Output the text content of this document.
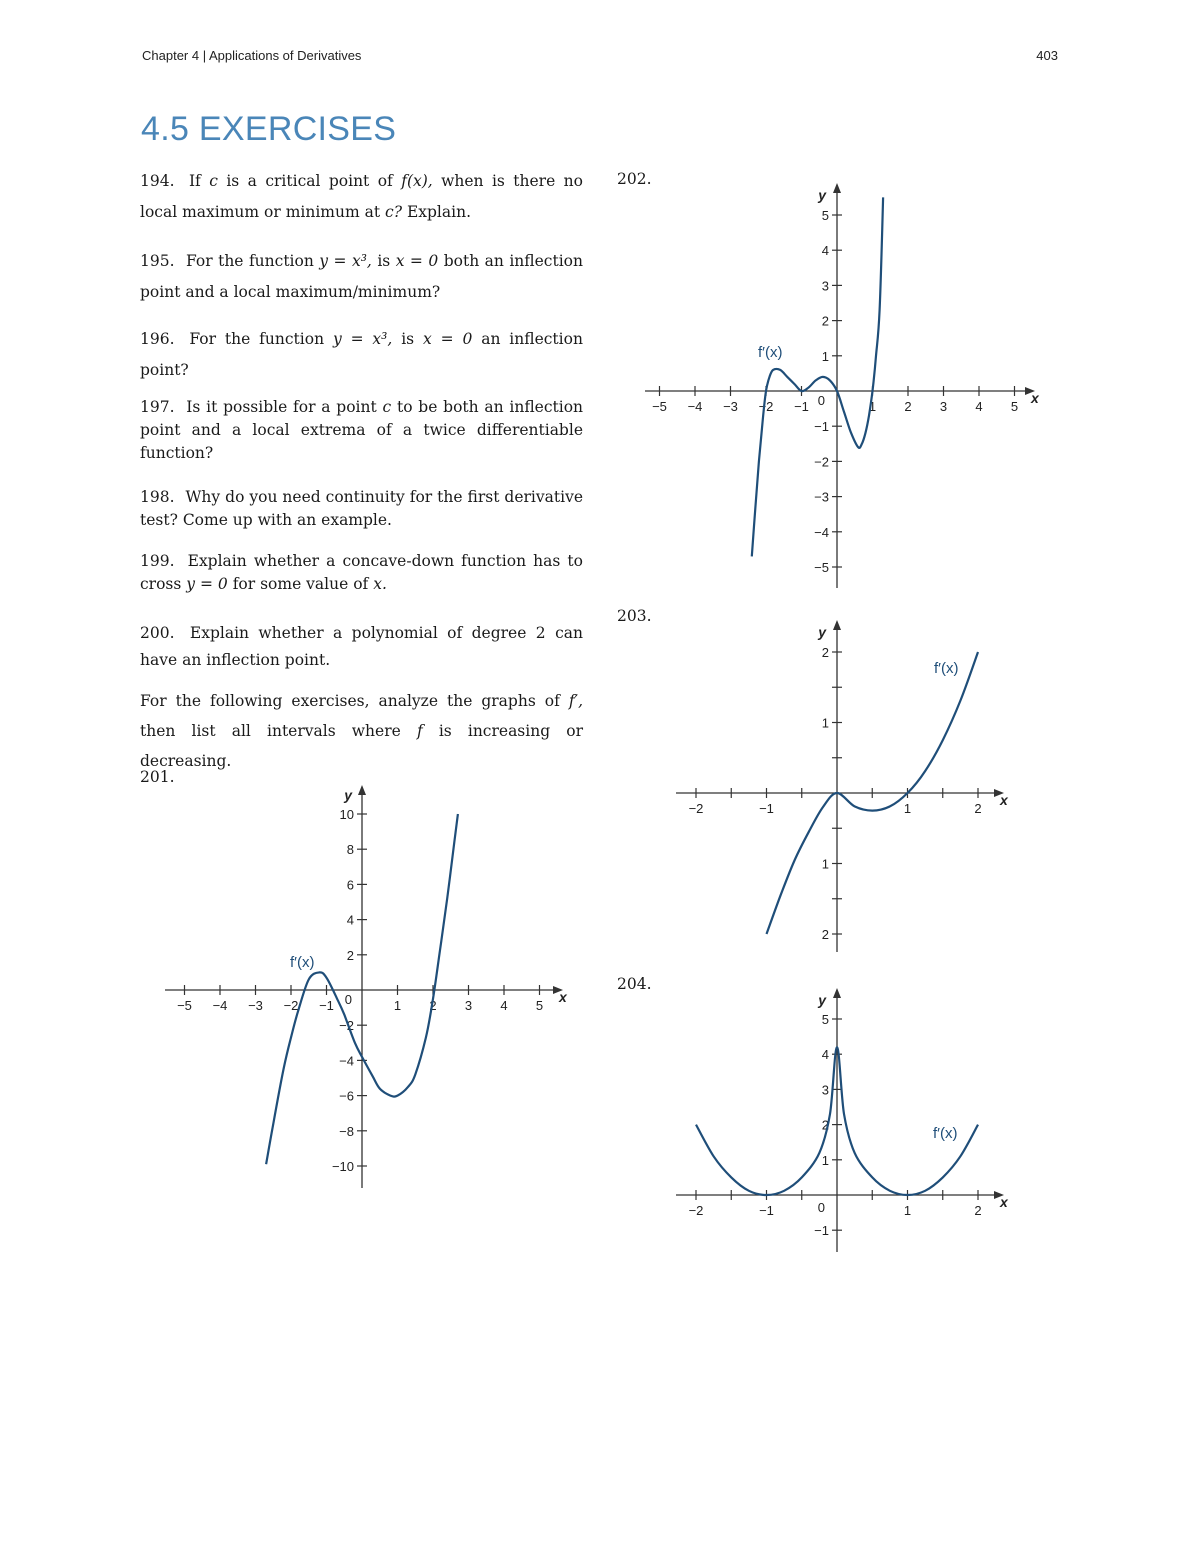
Chapter 4 | Applications of Derivatives	403
4.5 EXERCISES

194. If c is a critical point of f(x), when is there no local maximum or minimum at c? Explain.

195. For the function y = x³, is x = 0 both an inflection point and a local maximum/minimum?

196. For the function y = x³, is x = 0 an inflection point?

197. Is it possible for a point c to be both an inflection point and a local extrema of a twice differentiable function?

198. Why do you need continuity for the first derivative test? Come up with an example.

199. Explain whether a concave-down function has to cross y = 0 for some value of x.

200. Explain whether a polynomial of degree 2 can have an inflection point.

For the following exercises, analyze the graphs of f′, then list all intervals where f is increasing or decreasing.

201.
202.
203.
204.
−5 −4 −3 −2 −1	1 2 3 4 5
−10
−8
−6
−4
−2
2
4
6
8
10
0	x
y
f′(x)
−5 −4 −3 −2 −1	1 2 3 4 5
−5
−4
−3
−2
−1
1
2
3
4
5
0	x
y
f′(x)
−2	−1	1	2
2
1
1
2
x
y
f′(x)
−2	−1	1	2
−1
1
2
3
4
5
0	x
y
f′(x)
